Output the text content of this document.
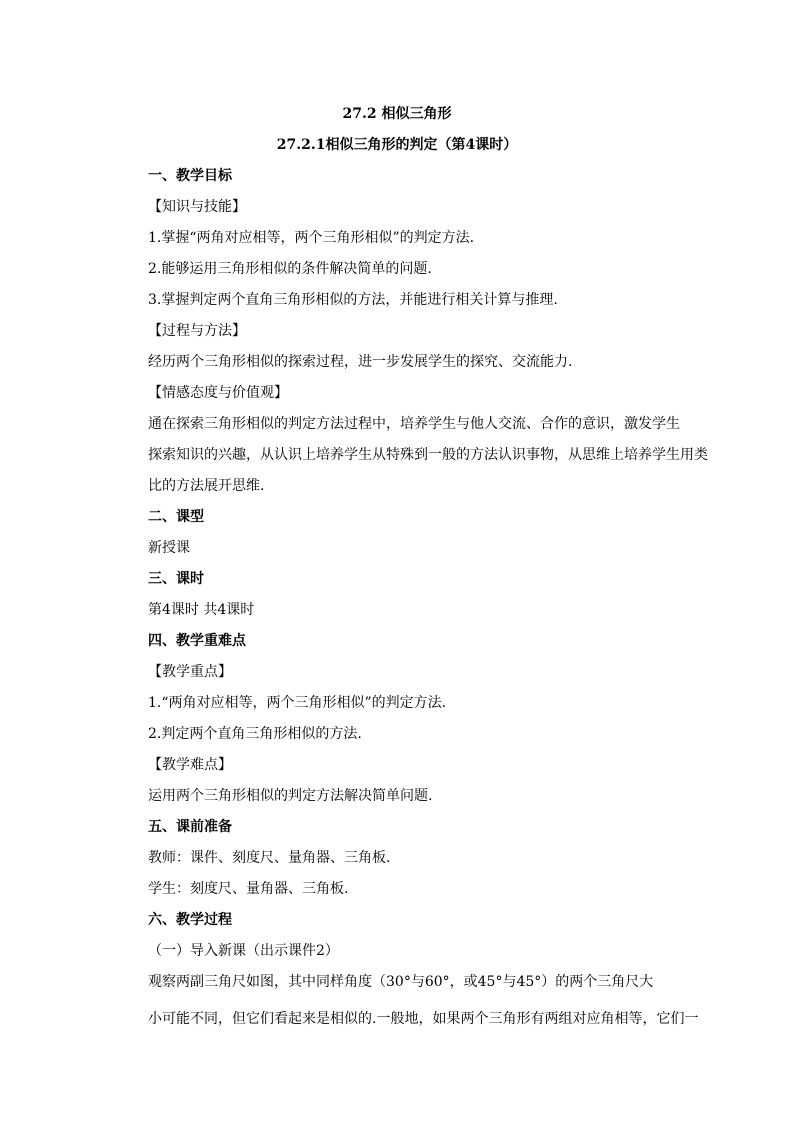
27.2 相似三角形
27.2.1相似三角形的判定（第4课时）
一、教学目标
【知识与技能】
1.掌握“两角对应相等，两个三角形相似”的判定方法.
2.能够运用三角形相似的条件解决简单的问题.
3.掌握判定两个直角三角形相似的方法，并能进行相关计算与推理.
【过程与方法】
经历两个三角形相似的探索过程，进一步发展学生的探究、交流能力.
【情感态度与价值观】
通在探索三角形相似的判定方法过程中，培养学生与他人交流、合作的意识，激发学生
探索知识的兴趣，从认识上培养学生从特殊到一般的方法认识事物，从思维上培养学生用类
比的方法展开思维.
二、课型
新授课
三、课时
第4课时 共4课时
四、教学重难点
【教学重点】
1.“两角对应相等，两个三角形相似”的判定方法.
2.判定两个直角三角形相似的方法.
【教学难点】
运用两个三角形相似的判定方法解决简单问题.
五、课前准备
教师：课件、刻度尺、量角器、三角板.
学生：刻度尺、量角器、三角板.
六、教学过程
（一）导入新课（出示课件2）
观察两副三角尺如图，其中同样角度（30°与60°，或45°与45°）的两个三角尺大
小可能不同，但它们看起来是相似的.一般地，如果两个三角形有两组对应角相等，它们一
